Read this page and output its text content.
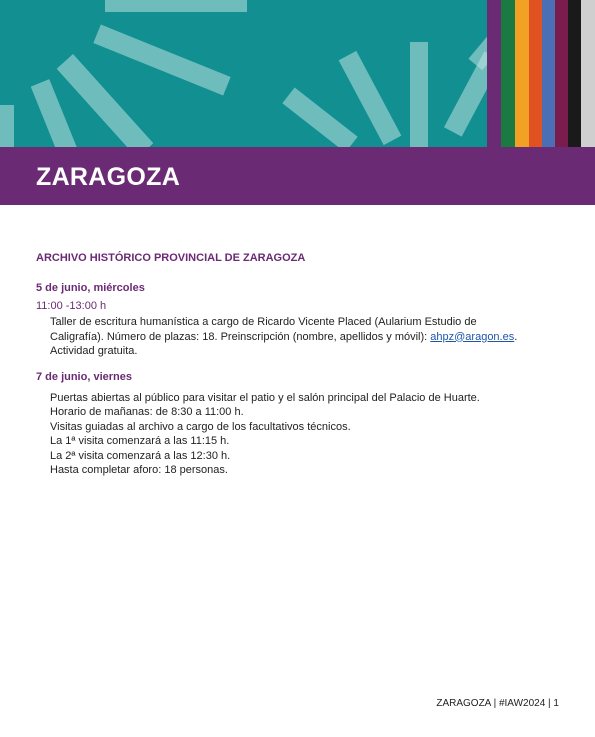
ZARAGOZA

ARCHIVO HISTÓRICO PROVINCIAL DE ZARAGOZA

5 de junio, miércoles

11:00 -13:00 h

Taller de escritura humanística a cargo de Ricardo Vicente Placed (Aularium Estudio de
Caligrafía). Número de plazas: 18. Preinscripción (nombre, apellidos y móvil): ahpz@aragon.es.
Actividad gratuita.

7 de junio, viernes

Puertas abiertas al público para visitar el patio y el salón principal del Palacio de Huarte.
Horario de mañanas: de 8:30 a 11:00 h.
Visitas guiadas al archivo a cargo de los facultativos técnicos.
La 1ª visita comenzará a las 11:15 h.
La 2ª visita comenzará a las 12:30 h.
Hasta completar aforo: 18 personas.
ZARAGOZA | #IAW2024 | 1
